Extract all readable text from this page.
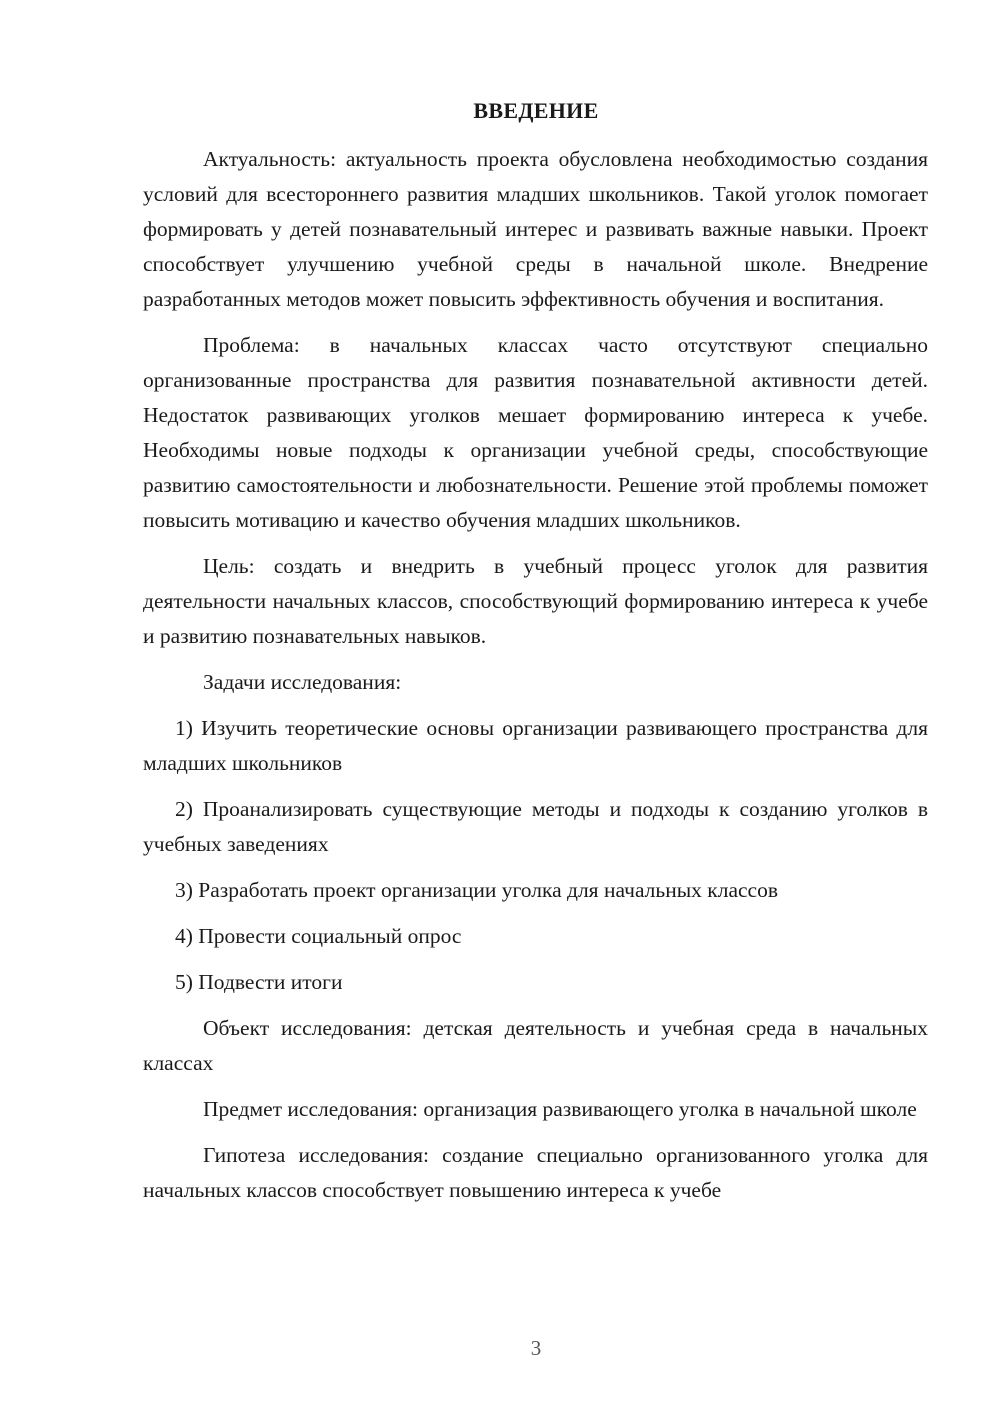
ВВЕДЕНИЕ

Актуальность: актуальность проекта обусловлена необходимостью создания условий для всестороннего развития младших школьников. Такой уголок помогает формировать у детей познавательный интерес и развивать важные навыки. Проект способствует улучшению учебной среды в начальной школе. Внедрение разработанных методов может повысить эффективность обучения и воспитания.

Проблема: в начальных классах часто отсутствуют специально организованные пространства для развития познавательной активности детей. Недостаток развивающих уголков мешает формированию интереса к учебе. Необходимы новые подходы к организации учебной среды, способствующие развитию самостоятельности и любознательности. Решение этой проблемы поможет повысить мотивацию и качество обучения младших школьников.

Цель: создать и внедрить в учебный процесс уголок для развития деятельности начальных классов, способствующий формированию интереса к учебе и развитию познавательных навыков.

Задачи исследования:

1) Изучить теоретические основы организации развивающего пространства для младших школьников

2) Проанализировать существующие методы и подходы к созданию уголков в учебных заведениях

3) Разработать проект организации уголка для начальных классов

4) Провести социальный опрос

5) Подвести итоги

Объект исследования: детская деятельность и учебная среда в начальных классах

Предмет исследования: организация развивающего уголка в начальной школе

Гипотеза исследования: создание специально организованного уголка для начальных классов способствует повышению интереса к учебе

3
